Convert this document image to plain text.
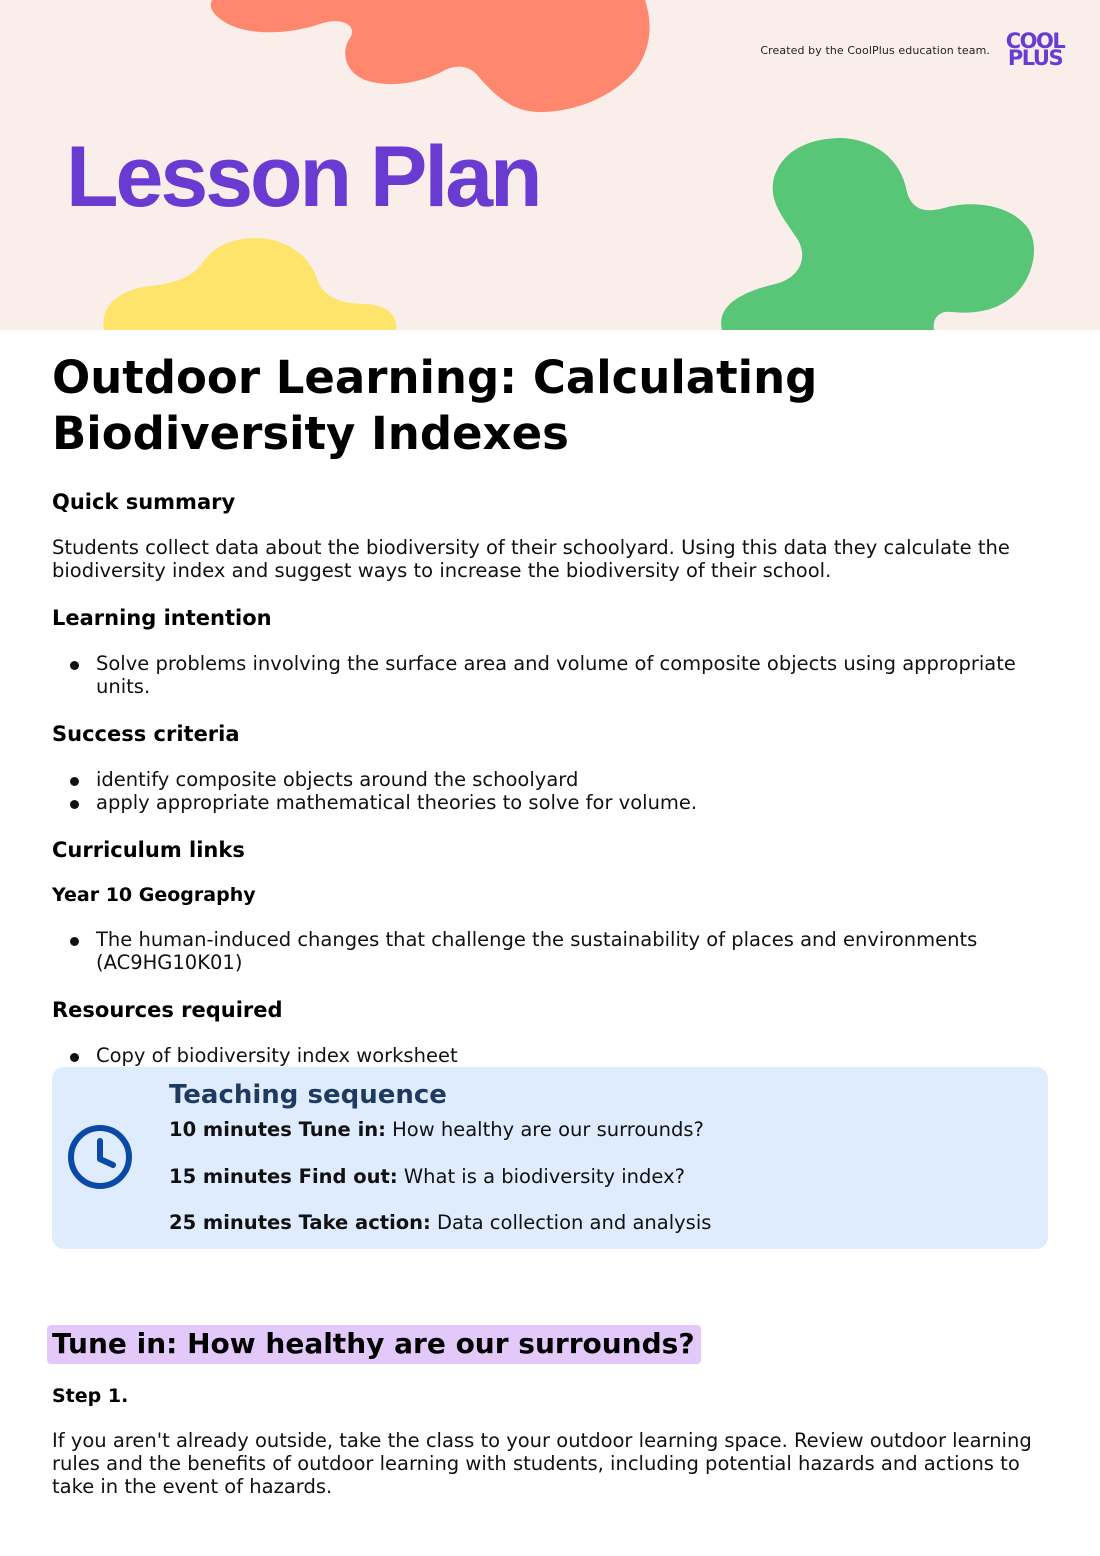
Created by the CoolPlus education team. COOL
PLUS
Lesson Plan
Outdoor Learning: Calculating Biodiversity Indexes
Quick summary

Students collect data about the biodiversity of their schoolyard. Using this data they calculate the biodiversity index and suggest ways to increase the biodiversity of their school.

Learning intention
Solve problems involving the surface area and volume of composite objects using appropriate units.
Success criteria
identify composite objects around the schoolyard
apply appropriate mathematical theories to solve for volume.
Curriculum links
Year 10 Geography
The human-induced changes that challenge the sustainability of places and environments (AC9HG10K01)
Resources required
Copy of biodiversity index worksheet
Teaching sequence
10 minutes Tune in: How healthy are our surrounds?
15 minutes Find out: What is a biodiversity index?
25 minutes Take action: Data collection and analysis
Tune in: How healthy are our surrounds?
Step 1.

If you aren't already outside, take the class to your outdoor learning space. Review outdoor learning rules and the benefits of outdoor learning with students, including potential hazards and actions to take in the event of hazards.
